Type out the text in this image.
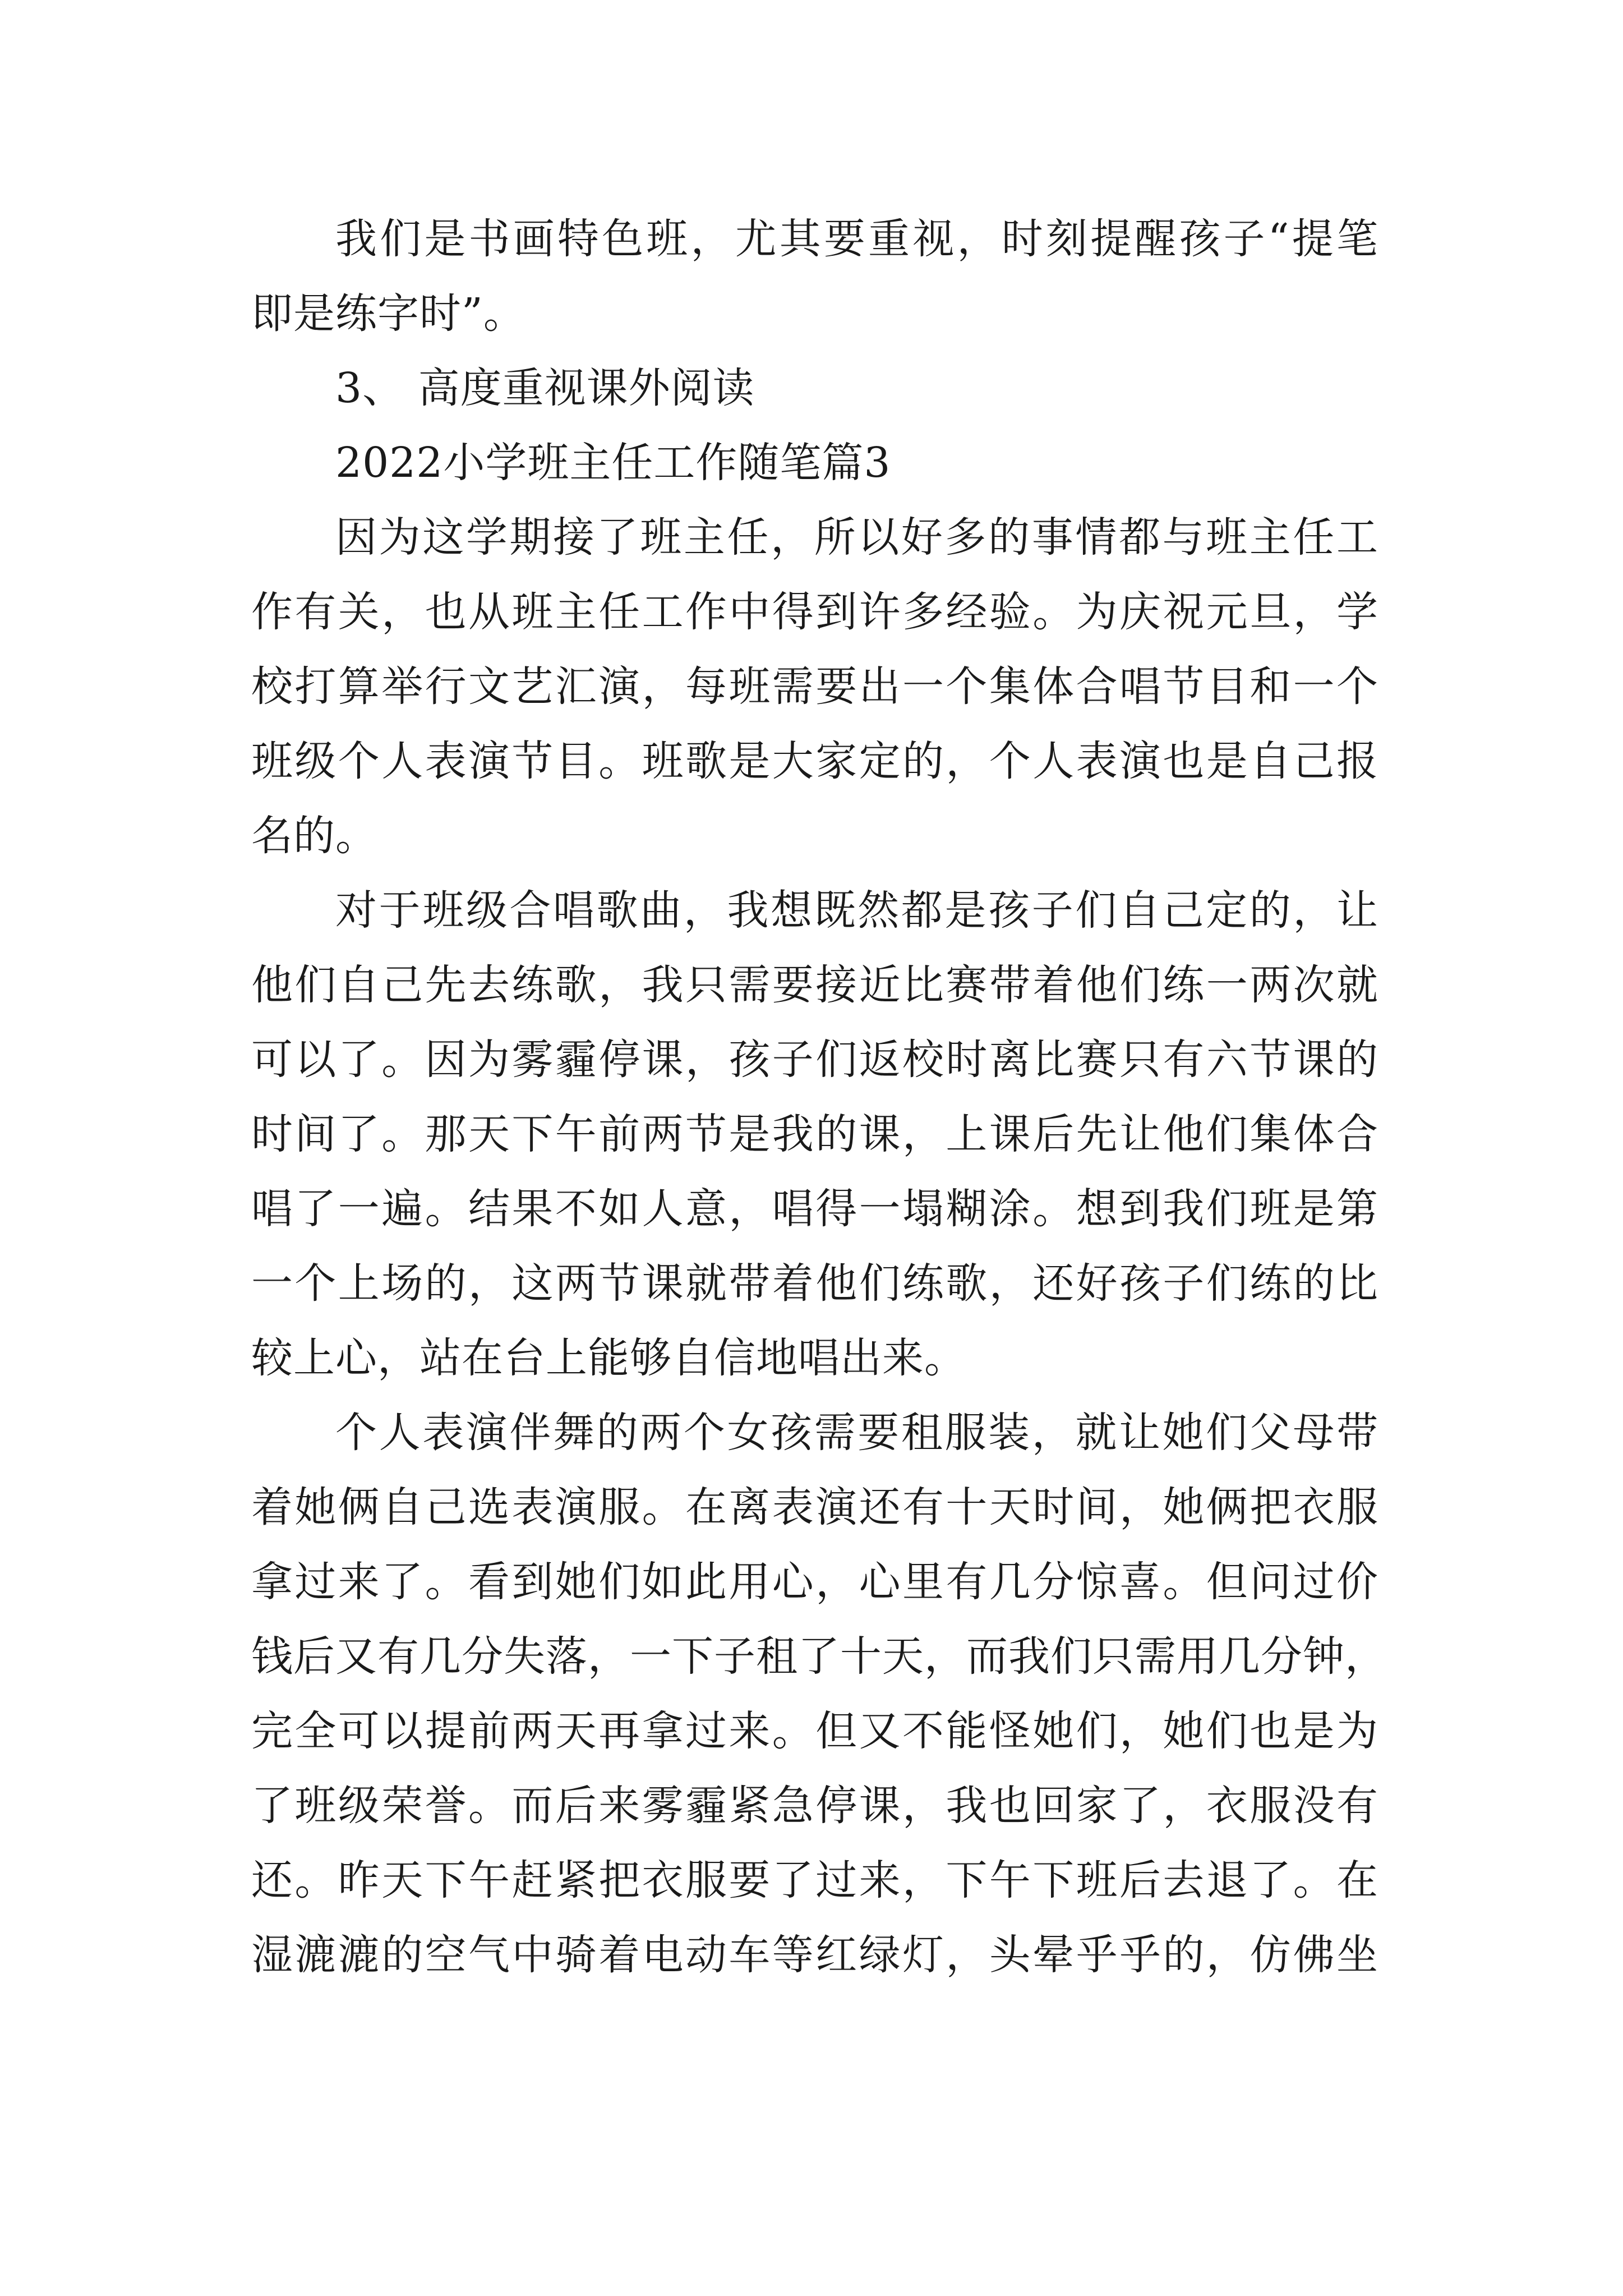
我们是书画特色班，尤其要重视，时刻提醒孩子“提笔
即是练字时”。
3、 高度重视课外阅读
2022小学班主任工作随笔篇3
因为这学期接了班主任，所以好多的事情都与班主任工
作有关，也从班主任工作中得到许多经验。为庆祝元旦，学
校打算举行文艺汇演，每班需要出一个集体合唱节目和一个
班级个人表演节目。班歌是大家定的，个人表演也是自己报
名的。
对于班级合唱歌曲，我想既然都是孩子们自己定的，让
他们自己先去练歌，我只需要接近比赛带着他们练一两次就
可以了。因为雾霾停课，孩子们返校时离比赛只有六节课的
时间了。那天下午前两节是我的课，上课后先让他们集体合
唱了一遍。结果不如人意，唱得一塌糊涂。想到我们班是第
一个上场的，这两节课就带着他们练歌，还好孩子们练的比
较上心，站在台上能够自信地唱出来。
个人表演伴舞的两个女孩需要租服装，就让她们父母带
着她俩自己选表演服。在离表演还有十天时间，她俩把衣服
拿过来了。看到她们如此用心，心里有几分惊喜。但问过价
钱后又有几分失落，一下子租了十天，而我们只需用几分钟，
完全可以提前两天再拿过来。但又不能怪她们，她们也是为
了班级荣誉。而后来雾霾紧急停课，我也回家了，衣服没有
还。昨天下午赶紧把衣服要了过来，下午下班后去退了。在
湿漉漉的空气中骑着电动车等红绿灯，头晕乎乎的，仿佛坐
